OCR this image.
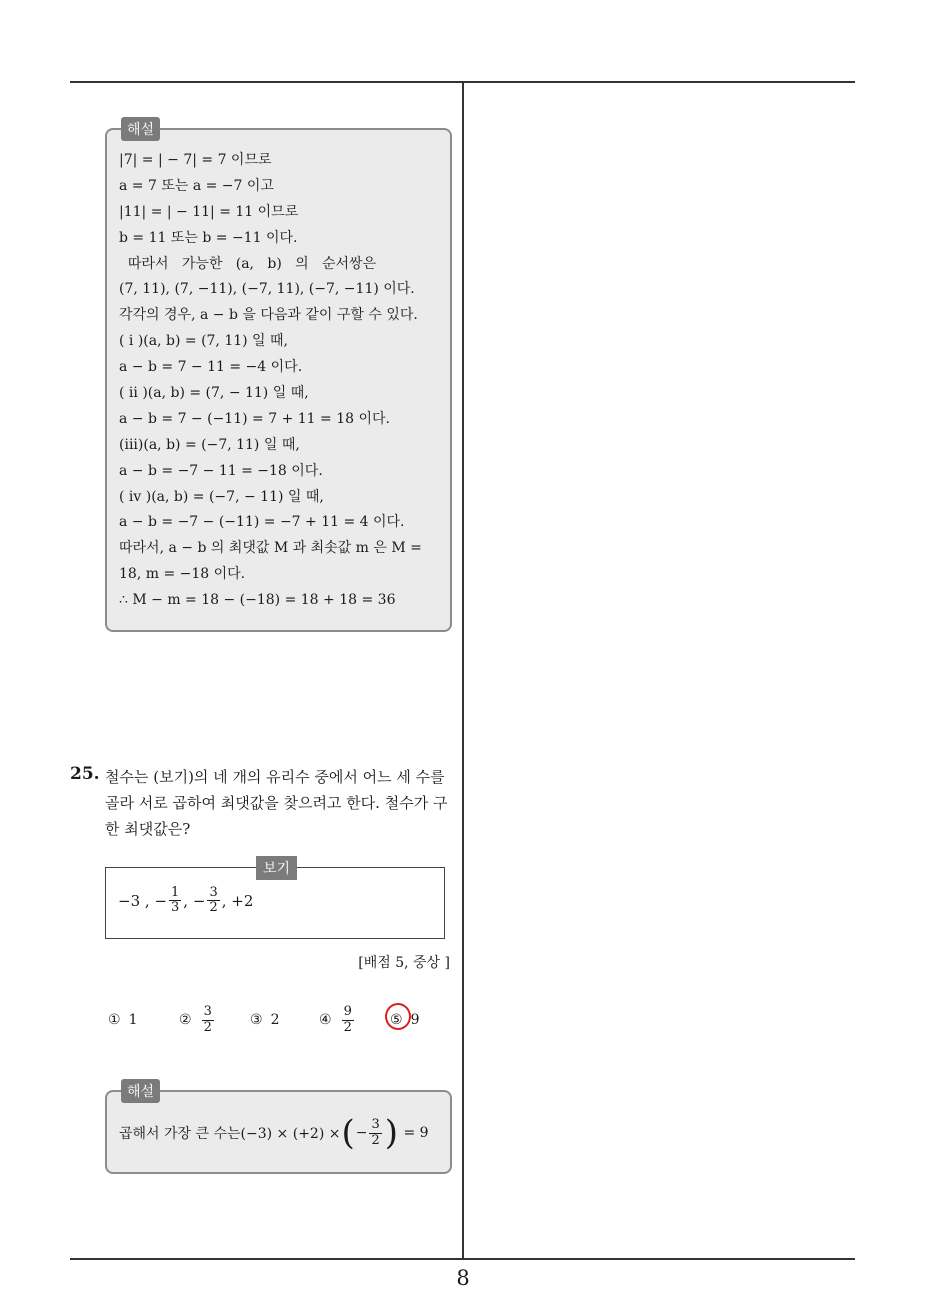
해설
|7| = | − 7| = 7 이므로
a = 7 또는 a = −7 이고
|11| = | − 11| = 11 이므로
b = 11 또는 b = −11 이다.
따라서   가능한   (a,   b)   의   순서쌍은
(7, 11), (7, −11), (−7, 11), (−7, −11) 이다.
각각의 경우, a − b 을 다음과 같이 구할 수 있다.
( i )(a, b) = (7, 11) 일 때,
a − b = 7 − 11 = −4 이다.
( ii )(a, b) = (7, − 11) 일 때,
a − b = 7 − (−11) = 7 + 11 = 18 이다.
(iii)(a, b) = (−7, 11) 일 때,
a − b = −7 − 11 = −18 이다.
( iv )(a, b) = (−7, − 11) 일 때,
a − b = −7 − (−11) = −7 + 11 = 4 이다.
따라서, a − b 의 최댓값 M 과 최솟값 m 은 M =
18, m = −18 이다.
∴ M − m = 18 − (−18) = 18 + 18 = 36
25. 철수는 (보기)의 네 개의 유리수 중에서 어느 세 수를
골라 서로 곱하여 최댓값을 찾으려고 한다. 철수가 구
한 최댓값은?
보기
−3 ,
− $\frac{1}{3}$ ,
− $\frac{3}{2}$ ,
+2
[배점 5, 중상 ]
① 1	② $\frac{3}{2}$	③ 2	④ $\frac{9}{2}$	⑤ 9
해설
곱해서 가장 큰 수는(−3) × (+2) × ( − $\frac{3}{2}$ )
= 9
8
